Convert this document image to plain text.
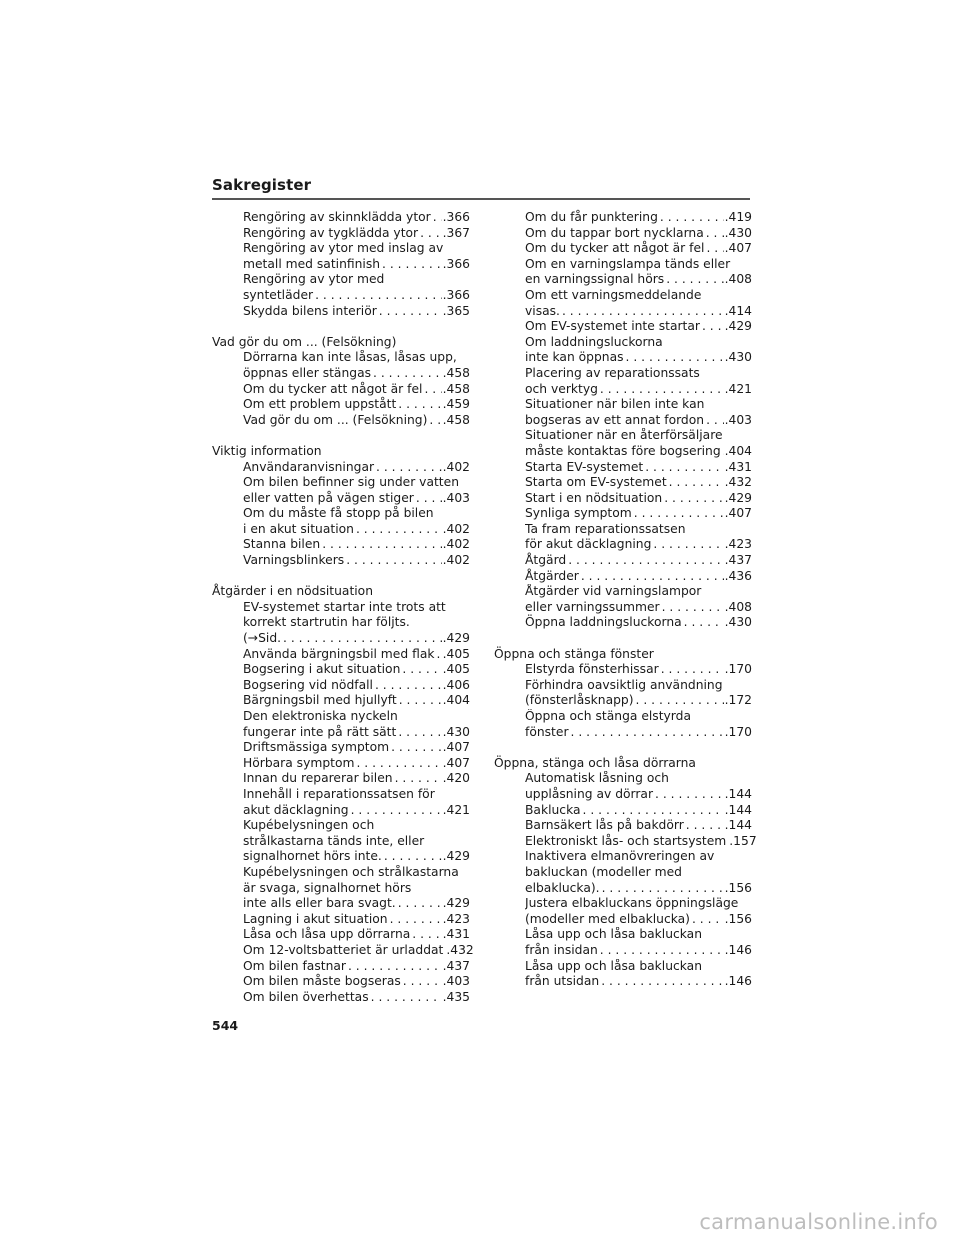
Sakregister
Rengöring av skinnklädda ytor . . . .366
Rengöring av tygklädda ytor . . . .367
Rengöring av ytor med inslag av
metall med satinfinish . . .	.366
Rengöring av ytor med
syntetläder . . .	.366
Skydda bilens interiör . . .	.365
Vad gör du om ... (Felsökning)
Dörrarna kan inte låsas, låsas upp,
öppnas eller stängas . . .	.458
Om du tycker att något är fel . . . .458
Om ett problem uppstått . . .	.459
Vad gör du om ... (Felsökning) . . . .458
Viktig information
Användaranvisningar . . .	.402
Om bilen befinner sig under vatten
eller vatten på vägen stiger . . . .403
Om du måste få stopp på bilen
i en akut situation . . .	.402
Stanna bilen . . .	.402
Varningsblinkers . . .	.402
Åtgärder i en nödsituation
EV-systemet startar inte trots att
korrekt startrutin har följts.
(→Sid. . . .	.429
Använda bärgningsbil med flak . . . .405
Bogsering i akut situation . . .	.405
Bogsering vid nödfall . . .	.406
Bärgningsbil med hjullyft . . .	.404
Den elektroniska nyckeln
fungerar inte på rätt sätt . . .	.430
Driftsmässiga symptom . . .	.407
Hörbara symptom . . .	.407
Innan du reparerar bilen . . .	.420
Innehåll i reparationssatsen för
akut däcklagning . . .	.421
Kupébelysningen och
strålkastarna tänds inte, eller
signalhornet hörs inte. . . .	.429
Kupébelysningen och strålkastarna
är svaga, signalhornet hörs
inte alls eller bara svagt. . . .	.429
Lagning i akut situation . . .	.423
Låsa och låsa upp dörrarna . . .	.431
Om 12-voltsbatteriet är urladdat . . . .432
Om bilen fastnar . . .	.437
Om bilen måste bogseras . . .	.403
Om bilen överhettas . . .	.435
Om du får punktering . . .	.419
Om du tappar bort nycklarna . . . .430
Om du tycker att något är fel . . . .407
Om en varningslampa tänds eller
en varningssignal hörs . . .	.408
Om ett varningsmeddelande
visas. . . .	.414
Om EV-systemet inte startar . . . .429
Om laddningsluckorna
inte kan öppnas . . .	.430
Placering av reparationssats
och verktyg . . .	.421
Situationer när bilen inte kan
bogseras av ett annat fordon . . . .403
Situationer när en återförsäljare
måste kontaktas före bogsering . . . .404
Starta EV-systemet . . .	.431
Starta om EV-systemet . . .	.432
Start i en nödsituation . . .	.429
Synliga symptom . . .	.407
Ta fram reparationssatsen
för akut däcklagning . . .	.423
Åtgärd . . .	.437
Åtgärder . . .	.436
Åtgärder vid varningslampor
eller varningssummer . . .	.408
Öppna laddningsluckorna . . .	.430
Öppna och stänga fönster
Elstyrda fönsterhissar . . .	.170
Förhindra oavsiktlig användning
(fönsterlåsknapp) . . .	.172
Öppna och stänga elstyrda
fönster . . .	.170
Öppna, stänga och låsa dörrarna
Automatisk låsning och
upplåsning av dörrar . . .	.144
Baklucka . . .	.144
Barnsäkert lås på bakdörr . . .	.144
Elektroniskt lås- och startsystem . . . .157
Inaktivera elmanövreringen av
bakluckan (modeller med
elbaklucka). . . .	.156
Justera elbakluckans öppningsläge
(modeller med elbaklucka) . . .	.156
Låsa upp och låsa bakluckan
från insidan . . .	.146
Låsa upp och låsa bakluckan
från utsidan . . .	.146
544
carmanualsonline.info
